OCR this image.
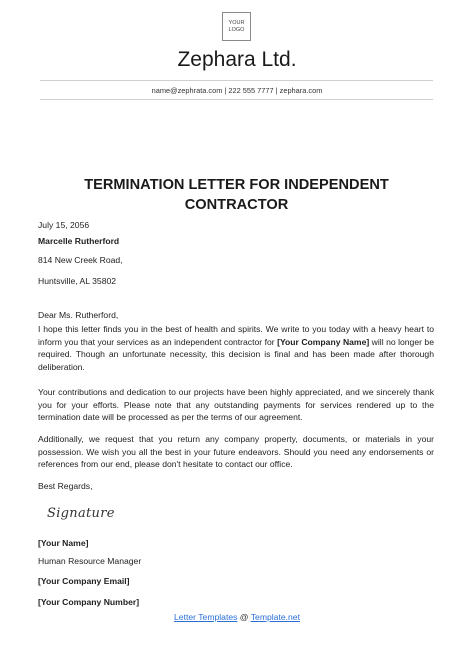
YOUR
LOGO
Zephara Ltd.
name@zephrata.com | 222 555 7777 | zephara.com
TERMINATION LETTER FOR INDEPENDENT
CONTRACTOR
July 15, 2056
Marcelle Rutherford
814 New Creek Road,
Huntsville, AL 35802
Dear Ms. Rutherford,
I hope this letter finds you in the best of health and spirits. We write to you today with a heavy heart to inform you that your services as an independent contractor for [Your Company Name] will no longer be required. Though an unfortunate necessity, this decision is final and has been made after thorough deliberation.
Your contributions and dedication to our projects have been highly appreciated, and we sincerely thank you for your efforts. Please note that any outstanding payments for services rendered up to the termination date will be processed as per the terms of our agreement.
Additionally, we request that you return any company property, documents, or materials in your possession. We wish you all the best in your future endeavors. Should you need any endorsements or references from our end, please don't hesitate to contact our office.
Best Regards,
Signature
[Your Name]
Human Resource Manager
[Your Company Email]
[Your Company Number]
Letter Templates @ Template.net
